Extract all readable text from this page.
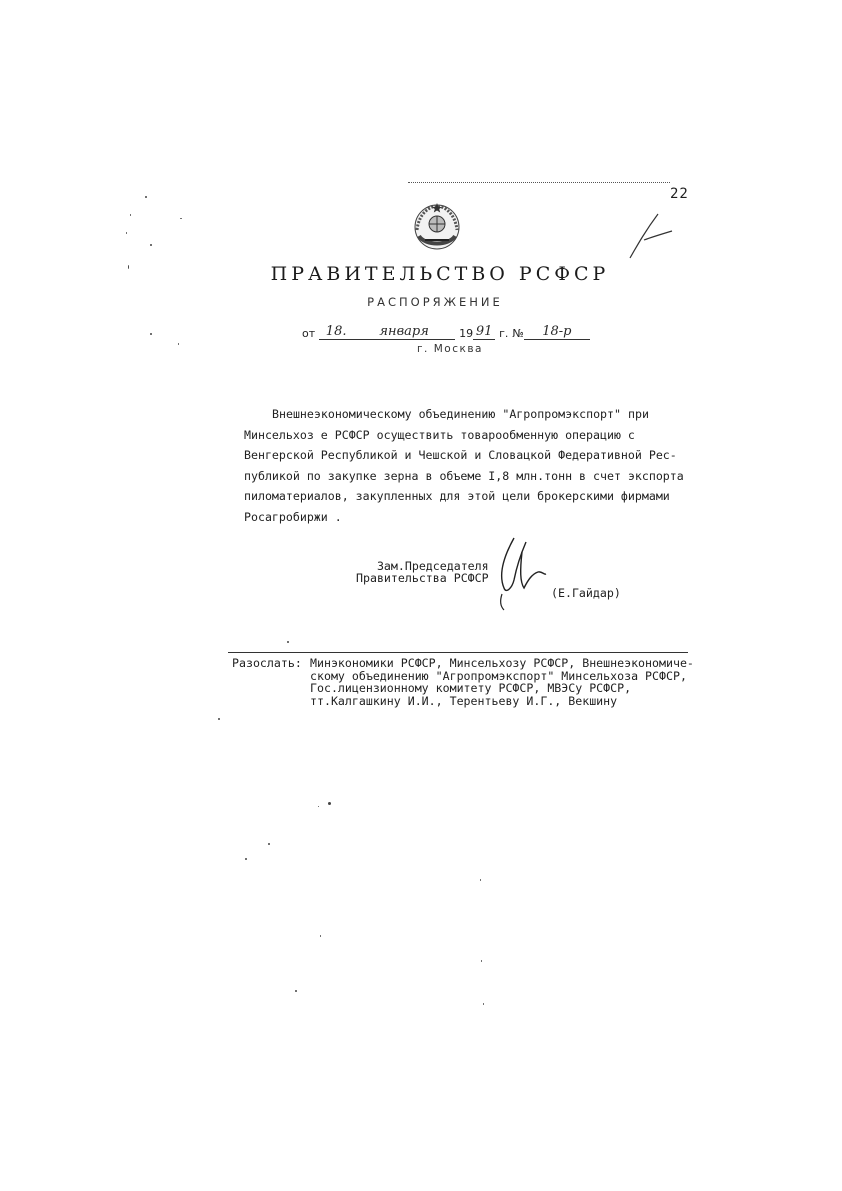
22
ПРАВИТЕЛЬСТВО РСФСР
РАСПОРЯЖЕНИЕ
от 18.	января	19 91 г. №	18-р
г. Москва
Внешнеэкономическому объединению "Агропромэкспорт" при
Минсельхоз е РСФСР осуществить товарообменную операцию с
Венгерской Республикой и Чешской и Словацкой Федеративной Рес-
публикой по закупке зерна в объеме I,8 млн.тонн в счет экспорта
пиломатериалов, закупленных для этой цели брокерскими фирмами
Росагробиржи .
Зам.Председателя
Правительства РСФСР
(Е.Гайдар)
Разослать: Минэкономики РСФСР, Минсельхозу РСФСР, Внешнеэкономиче-
скому объединению "Агропромэкспорт" Минсельхоза РСФСР,
Гос.лицензионному комитету РСФСР, МВЭСу РСФСР,
тт.Калгашкину И.И., Терентьеву И.Г., Векшину
